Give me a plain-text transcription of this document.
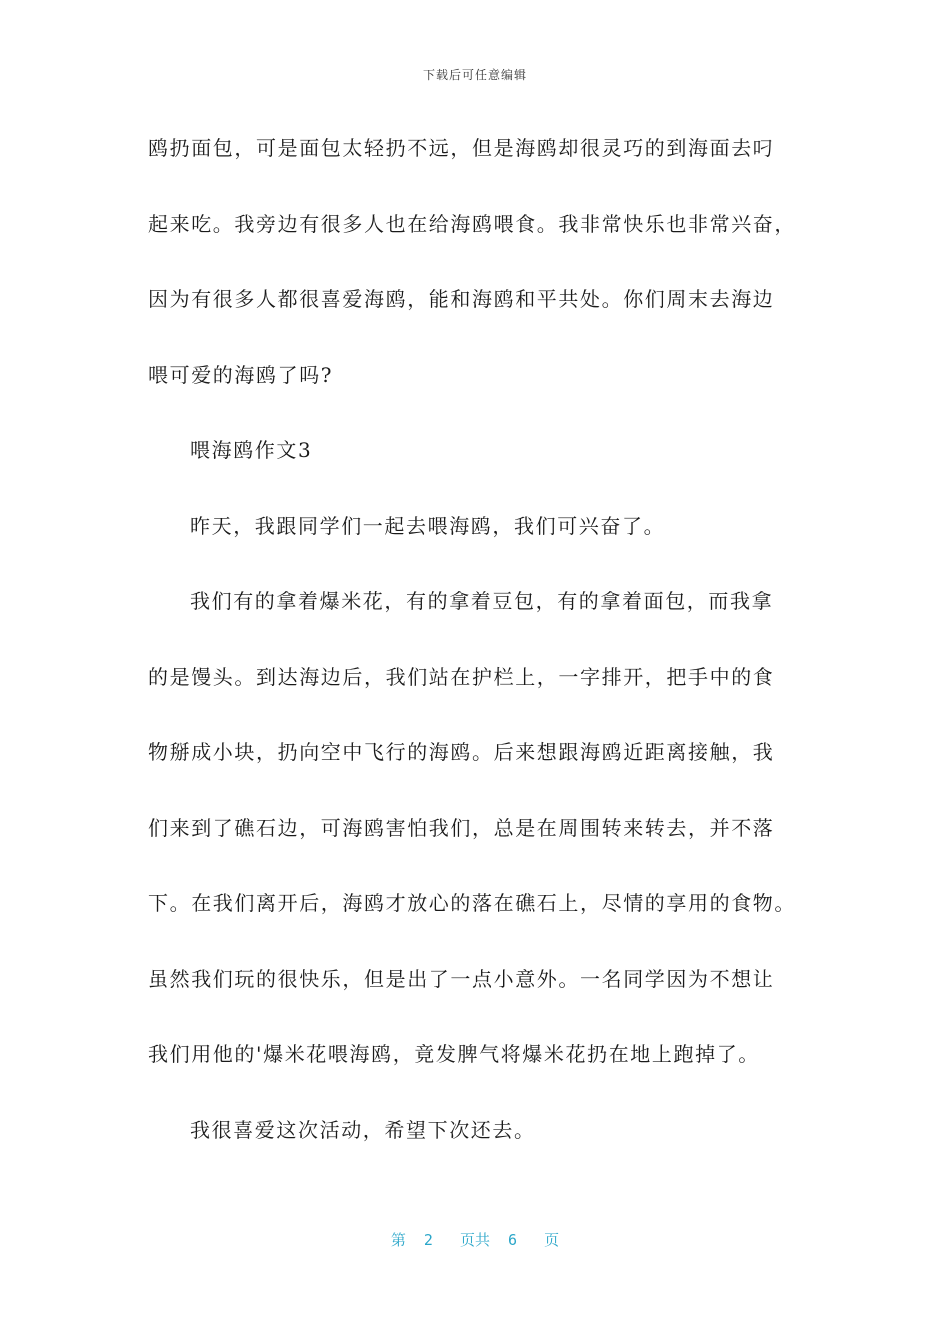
下载后可任意编辑
鸥扔面包，可是面包太轻扔不远，但是海鸥却很灵巧的到海面去叼
起来吃。我旁边有很多人也在给海鸥喂食。我非常快乐也非常兴奋，
因为有很多人都很喜爱海鸥，能和海鸥和平共处。你们周末去海边
喂可爱的海鸥了吗?
喂海鸥作文3
昨天，我跟同学们一起去喂海鸥，我们可兴奋了。
我们有的拿着爆米花，有的拿着豆包，有的拿着面包，而我拿
的是馒头。到达海边后，我们站在护栏上，一字排开，把手中的食
物掰成小块，扔向空中飞行的海鸥。后来想跟海鸥近距离接触，我
们来到了礁石边，可海鸥害怕我们，总是在周围转来转去，并不落
下。在我们离开后，海鸥才放心的落在礁石上，尽情的享用的食物。
虽然我们玩的很快乐，但是出了一点小意外。一名同学因为不想让
我们用他的'爆米花喂海鸥，竟发脾气将爆米花扔在地上跑掉了。
我很喜爱这次活动，希望下次还去。
第  2   页共  6   页
